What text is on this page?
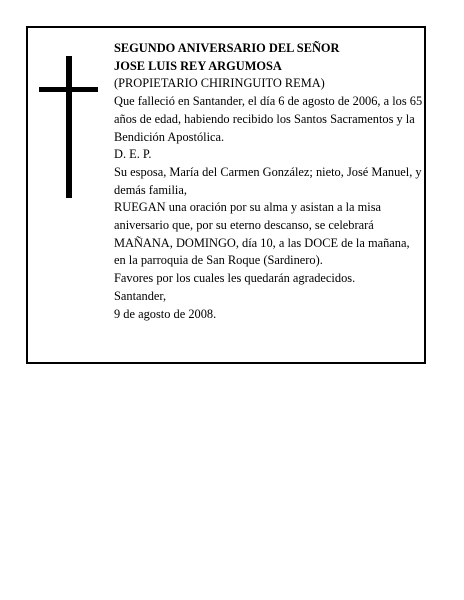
SEGUNDO ANIVERSARIO DEL SEÑOR
JOSE LUIS REY ARGUMOSA
(PROPIETARIO CHIRINGUITO REMA)
Que falleció en Santander, el día 6 de agosto de 2006, a los 65 años de edad, habiendo recibido los Santos Sacramentos y la Bendición Apostólica.
D. E. P.
Su esposa, María del Carmen González; nieto, José Manuel, y demás familia,
RUEGAN una oración por su alma y asistan a la misa aniversario que, por su eterno descanso, se celebrará MAÑANA, DOMINGO, día 10, a las DOCE de la mañana, en la parroquia de San Roque (Sardinero).
Favores por los cuales les quedarán agradecidos.
Santander,
9 de agosto de 2008.
